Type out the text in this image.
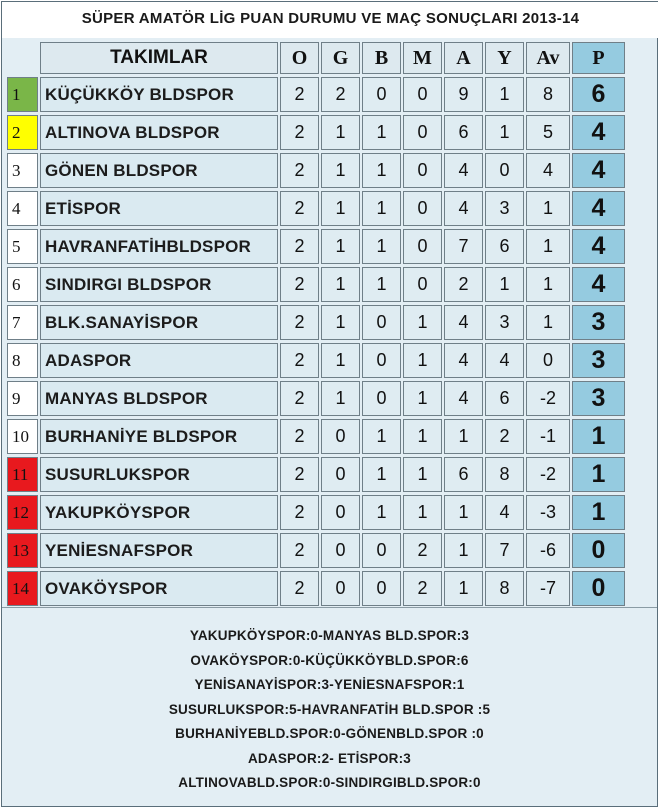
SÜPER AMATÖR LİG PUAN DURUMU VE MAÇ SONUÇLARI 2013-14
	TAKIMLAR	O	G	B	M	A	Y	Av	P
1	KÜÇÜKKÖY BLDSPOR	2	2	0	0	9	1	8	6
2	ALTINOVA BLDSPOR	2	1	1	0	6	1	5	4
3	GÖNEN BLDSPOR	2	1	1	0	4	0	4	4
4	ETİSPOR	2	1	1	0	4	3	1	4
5	HAVRANFATİHBLDSPOR	2	1	1	0	7	6	1	4
6	SINDIRGI BLDSPOR	2	1	1	0	2	1	1	4
7	BLK.SANAYİSPOR	2	1	0	1	4	3	1	3
8	ADASPOR	2	1	0	1	4	4	0	3
9	MANYAS BLDSPOR	2	1	0	1	4	6	-2	3
10	BURHANİYE BLDSPOR	2	0	1	1	1	2	-1	1
11	SUSURLUKSPOR	2	0	1	1	6	8	-2	1
12	YAKUPKÖYSPOR	2	0	1	1	1	4	-3	1
13	YENİESNAFSPOR	2	0	0	2	1	7	-6	0
14	OVAKÖYSPOR	2	0	0	2	1	8	-7	0
YAKUPKÖYSPOR:0-MANYAS BLD.SPOR:3
OVAKÖYSPOR:0-KÜÇÜKKÖYBLD.SPOR:6
YENİSANAYİSPOR:3-YENİESNAFSPOR:1
SUSURLUKSPOR:5-HAVRANFATİH BLD.SPOR :5
BURHANİYEBLD.SPOR:0-GÖNENBLD.SPOR :0
ADASPOR:2- ETİSPOR:3
ALTINOVABLD.SPOR:0-SINDIRGIBLD.SPOR:0
